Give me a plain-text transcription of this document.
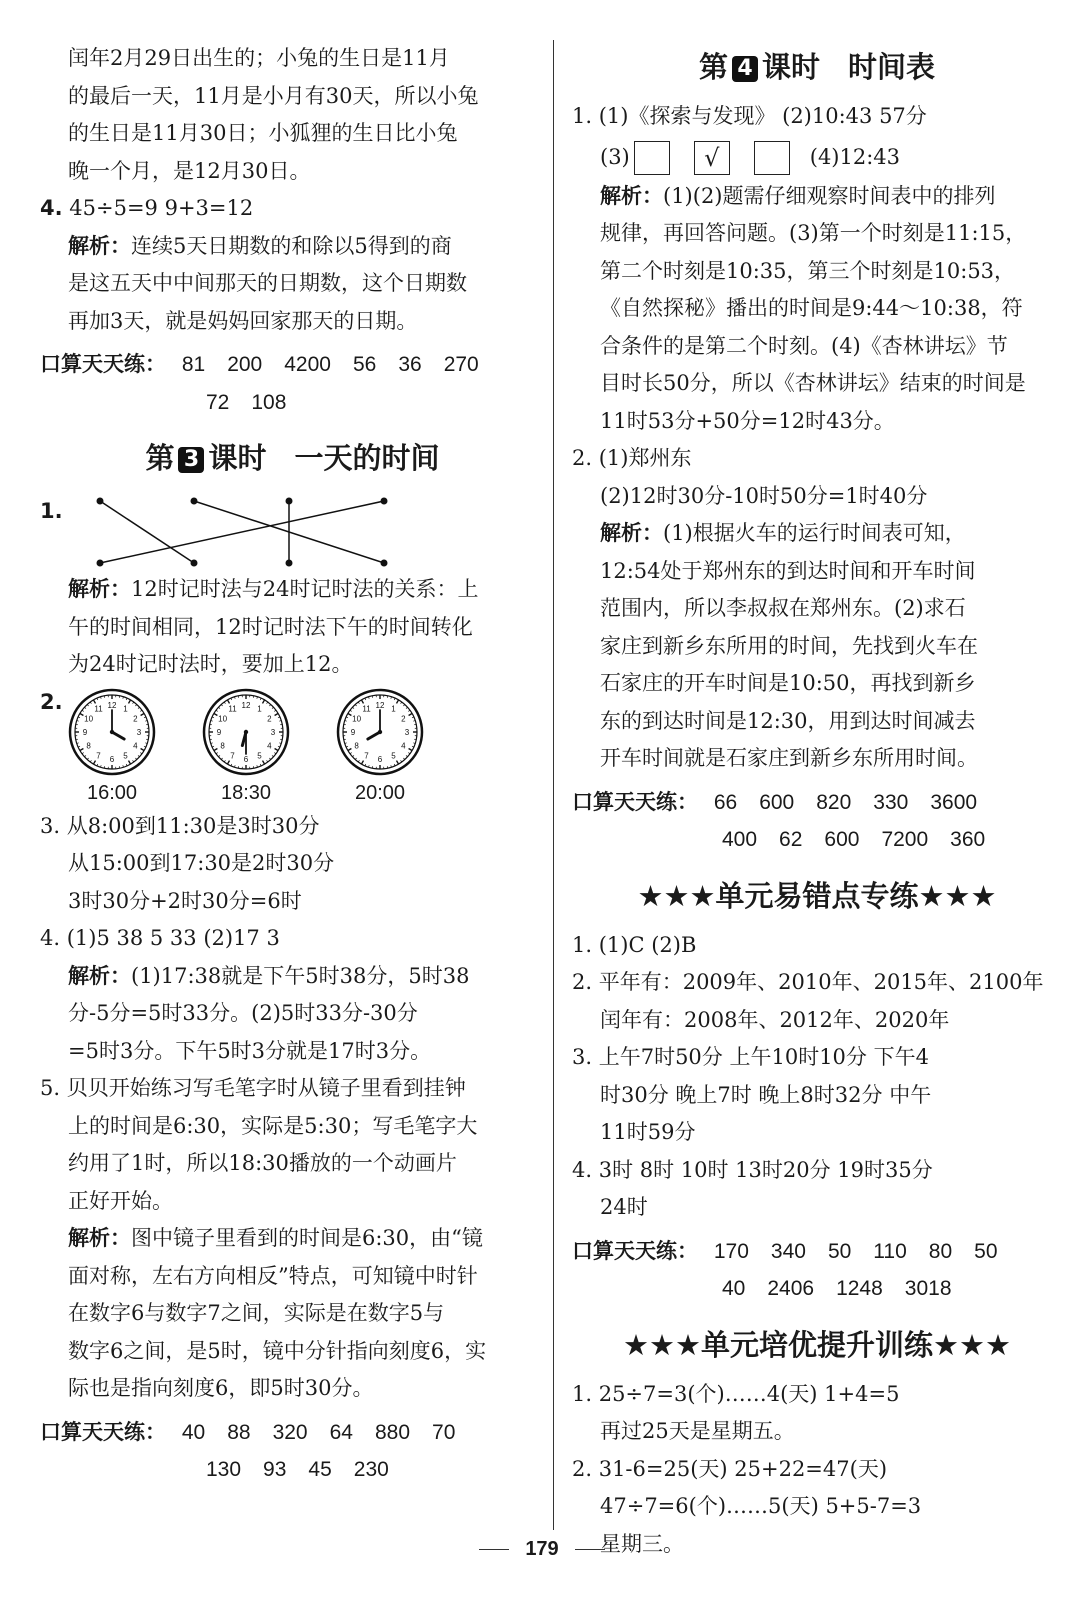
闰年2月29日出生的；小兔的生日是11月
的最后一天，11月是小月有30天，所以小兔
的生日是11月30日；小狐狸的生日比小兔
晚一个月，是12月30日。
4. 45÷5=9 9+3=12
解析：连续5天日期数的和除以5得到的商
是这五天中中间那天的日期数，这个日期数
再加3天，就是妈妈回家那天的日期。
口算天天练： 81 200 4200 56 36 270
72 108
第 3 课时 一天的时间
1.
解析：12时记时法与24时记时法的关系：上
午的时间相同，12时记时法下午的时间转化
为24时记时法时，要加上12。
2.	1
2
3
4
5
6
7
8
9
10
11 12
16:00
1
2
3
4
5
6
7
8
9
10
11 12
18:30
1
2
3
4
5
6
7
8
9
10
11 12
20:00
3. 从8:00到11:30是3时30分
从15:00到17:30是2时30分
3时30分+2时30分=6时
4. (1)5 38 5 33 (2)17 3
解析：(1)17:38就是下午5时38分，5时38
分-5分=5时33分。(2)5时33分-30分
=5时3分。下午5时3分就是17时3分。
5. 贝贝开始练习写毛笔字时从镜子里看到挂钟
上的时间是6:30，实际是5:30；写毛笔字大
约用了1时，所以18:30播放的一个动画片
正好开始。
解析：图中镜子里看到的时间是6:30，由“镜
面对称，左右方向相反”特点，可知镜中时针
在数字6与数字7之间，实际是在数字5与
数字6之间，是5时，镜中分针指向刻度6，实
际也是指向刻度6，即5时30分。
口算天天练： 40 88 320 64 880 70
130 93 45 230
第 4 课时 时间表
1. (1)《探索与发现》 (2)10:43 57分
(3)	√	(4)12:43
解析：(1)(2)题需仔细观察时间表中的排列
规律，再回答问题。(3)第一个时刻是11:15，
第二个时刻是10:35，第三个时刻是10:53，
《自然探秘》播出的时间是9:44～10:38，符
合条件的是第二个时刻。(4)《杏林讲坛》节
目时长50分，所以《杏林讲坛》结束的时间是
11时53分+50分=12时43分。
2. (1)郑州东
(2)12时30分-10时50分=1时40分
解析：(1)根据火车的运行时间表可知，
12:54处于郑州东的到达时间和开车时间
范围内，所以李叔叔在郑州东。(2)求石
家庄到新乡东所用的时间，先找到火车在
石家庄的开车时间是10:50，再找到新乡
东的到达时间是12:30，用到达时间减去
开车时间就是石家庄到新乡东所用时间。
口算天天练： 66 600 820 330 3600
400 62 600 7200 360
★★★单元易错点专练★★★
1. (1)C (2)B
2. 平年有：2009年、2010年、2015年、2100年
闰年有：2008年、2012年、2020年
3. 上午7时50分 上午10时10分 下午4
时30分 晚上7时 晚上8时32分 中午
11时59分
4. 3时 8时 10时 13时20分 19时35分
24时
口算天天练： 170 340 50 110 80 50
40 2406 1248 3018
★★★单元培优提升训练★★★
1. 25÷7=3(个)……4(天) 1+4=5
再过25天是星期五。
2. 31-6=25(天) 25+22=47(天)
47÷7=6(个)……5(天) 5+5-7=3
星期三。
179
